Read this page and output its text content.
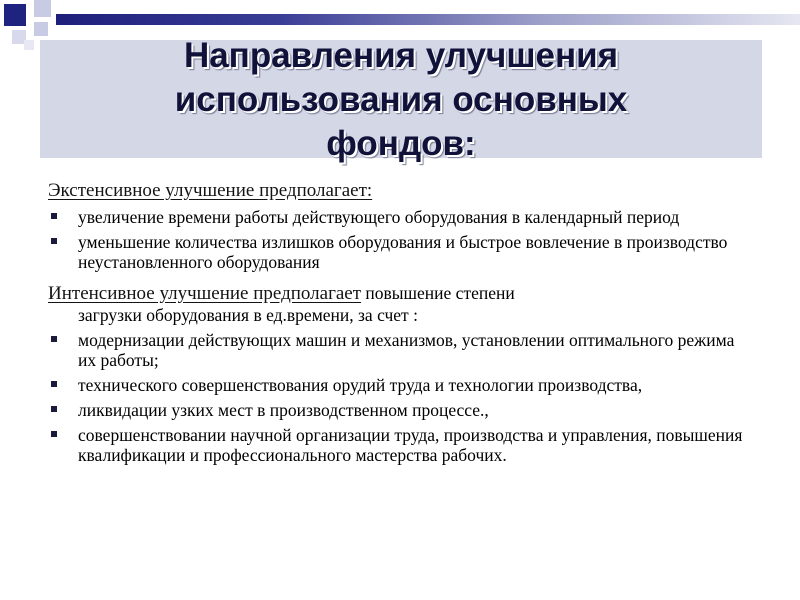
Направления улучшения
использования основных
фондов:
Экстенсивное улучшение предполагает:
увеличение времени работы действующего оборудования в календарный период
уменьшение количества излишков оборудования и быстрое вовлечение в производство неустановленного оборудования
Интенсивное улучшение предполагает повышение степени
загрузки оборудования в ед.времени, за счет :
модернизации действующих машин и механизмов, установлении оптимального режима их работы;
технического совершенствования орудий труда и технологии производства,
ликвидации узких мест в производственном процессе.,
совершенствовании научной организации труда, производства и управления, повышения квалификации и профессионального мастерства рабочих.
